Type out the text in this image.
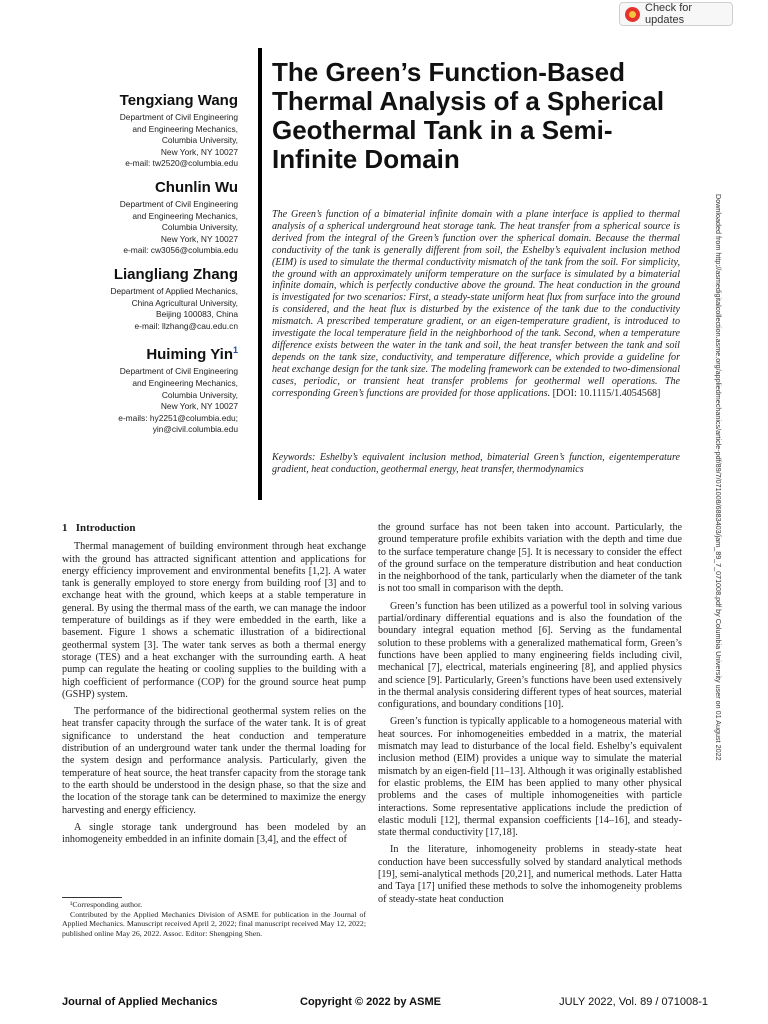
Check for updates
The Green’s Function-Based Thermal Analysis of a Spherical Geothermal Tank in a Semi-Infinite Domain
Tengxiang Wang
Department of Civil Engineering
and Engineering Mechanics,
Columbia University,
New York, NY 10027
e-mail: tw2520@columbia.edu
Chunlin Wu
Department of Civil Engineering
and Engineering Mechanics,
Columbia University,
New York, NY 10027
e-mail: cw3056@columbia.edu
Liangliang Zhang
Department of Applied Mechanics,
China Agricultural University,
Beijing 100083, China
e-mail: llzhang@cau.edu.cn
Huiming Yin$^1$
Department of Civil Engineering
and Engineering Mechanics,
Columbia University,
New York, NY 10027
e-mails: hy2251@columbia.edu;
yin@civil.columbia.edu
The Green’s function of a bimaterial infinite domain with a plane interface is applied to thermal analysis of a spherical underground heat storage tank. The heat transfer from a spherical source is derived from the integral of the Green’s function over the spherical domain. Because the thermal conductivity of the tank is generally different from soil, the Eshelby’s equivalent inclusion method (EIM) is used to simulate the thermal conductivity mismatch of the tank from the soil. For simplicity, the ground with an approximately uniform temperature on the surface is simulated by a bimaterial infinite domain, which is perfectly conductive above the ground. The heat conduction in the ground is investigated for two scenarios: First, a steady-state uniform heat flux from surface into the ground is considered, and the heat flux is disturbed by the existence of the tank due to the conductivity mismatch. A prescribed temperature gradient, or an eigen-temperature gradient, is introduced to investigate the local temperature field in the neighborhood of the tank. Second, when a temperature difference exists between the water in the tank and soil, the heat transfer between the tank and soil depends on the tank size, conductivity, and temperature difference, which provide a guideline for heat exchange design for the tank size. The modeling framework can be extended to two-dimensional cases, periodic, or transient heat transfer problems for geothermal well operations. The corresponding Green’s functions are provided for those applications. [DOI: 10.1115/1.4054568]
Keywords: Eshelby’s equivalent inclusion method, bimaterial Green’s function, eigentemperature gradient, heat conduction, geothermal energy, heat transfer, thermodynamics	Downloaded from http://asmedigitalcollection.asme.org/appliedmechanics/article-pdf/89/7/071008/6883403/jam_89_7_071008.pdf by Columbia University user on 01 August 2022
1 Introduction

Thermal management of building environment through heat exchange with the ground has attracted significant attention and applications for energy efficiency improvement and environmental benefits [1,2]. A water tank is generally employed to store energy from building roof [3] and to exchange heat with the ground, which keeps at a stable temperature in general. By using the thermal mass of the earth, we can manage the indoor temperature of buildings as if they were embedded in the earth, like a basement. Figure 1 shows a schematic illustration of a bidirectional geothermal system [3]. The water tank serves as both a thermal energy storage (TES) and a heat exchanger with the surrounding earth. A heat pump can regulate the heating or cooling supplies to the building with a high coefficient of performance (COP) for the ground source heat pump (GSHP) system.

The performance of the bidirectional geothermal system relies on the heat transfer capacity through the surface of the water tank. It is of great significance to understand the heat conduction and temperature distribution of an underground water tank under the thermal loading for the system design and performance analysis. Particularly, given the temperature of heat source, the heat transfer capacity from the storage tank to the earth should be understood in the design phase, so that the size and the location of the storage tank can be determined to maximize the energy harvesting and energy efficiency.

A single storage tank underground has been modeled by an inhomogeneity embedded in an infinite domain [3,4], and the effect of

the ground surface has not been taken into account. Particularly, the ground temperature profile exhibits variation with the depth and time due to the surface temperature change [5]. It is necessary to consider the effect of the ground surface on the temperature distribution and heat conduction in the neighborhood of the tank, particularly when the diameter of the tank is not too small in comparison with the depth.

Green’s function has been utilized as a powerful tool in solving various partial/ordinary differential equations and is also the foundation of the boundary integral equation method [6]. Serving as the fundamental solution to these problems with a generalized mathematical form, Green’s functions have been applied to many engineering fields including civil, mechanical [7], electrical, materials engineering [8], and applied physics and science [9]. Particularly, Green’s functions have been used extensively in the thermal analysis considering different types of heat sources, material configurations, and boundary conditions [10].

Green’s function is typically applicable to a homogeneous material with heat sources. For inhomogeneities embedded in a matrix, the material mismatch may lead to disturbance of the local field. Eshelby’s equivalent inclusion method (EIM) provides a unique way to simulate the material mismatch by an eigen-field [11–13]. Although it was originally established for elastic problems, the EIM has been applied to many other physical problems and the cases of multiple inhomogeneities with particle interactions. Some representative applications include the prediction of elastic moduli [12], thermal expansion coefficients [14–16], and steady-state thermal conductivity [17,18].

In the literature, inhomogeneity problems in steady-state heat conduction have been successfully solved by standard analytical methods [19], semi-analytical methods [20,21], and numerical methods. Later Hatta and Taya [17] unified these methods to solve the inhomogeneity problems of steady-state heat conduction

¹Corresponding author.

Contributed by the Applied Mechanics Division of ASME for publication in the Journal of Applied Mechanics. Manuscript received April 2, 2022; final manuscript received May 12, 2022; published online May 26, 2022. Assoc. Editor: Shengping Shen.

Journal of Applied Mechanics	Copyright © 2022 by ASME	JULY 2022, Vol. 89 / 071008-1
